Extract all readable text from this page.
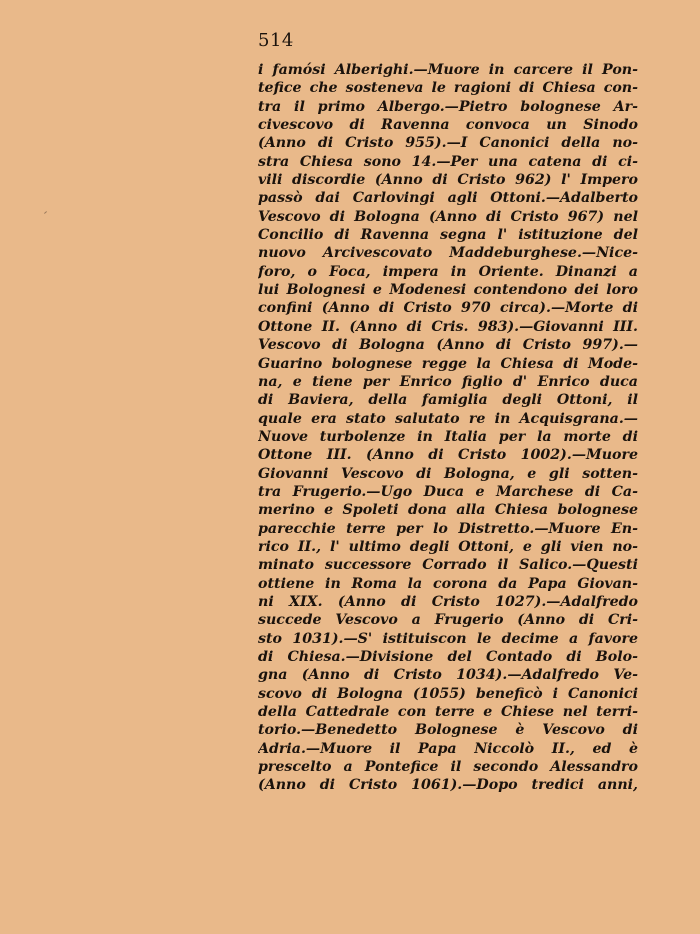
514
i famósi Alberighi.—Muore in carcere il Pon-
tefice che sosteneva le ragioni di Chiesa con-
tra il primo Albergo.—Pietro bolognese Ar-
civescovo di Ravenna convoca un Sinodo
(Anno di Cristo 955).—I Canonici della no-
stra Chiesa sono 14.—Per una catena di ci-
vili discordie (Anno di Cristo 962) l' Impero
passò dai Carlovingi agli Ottoni.—Adalberto
Vescovo di Bologna (Anno di Cristo 967) nel
Concilio di Ravenna segna l' istituzione del
nuovo Arcivescovato Maddeburghese.—Nice-
foro, o Foca, impera in Oriente. Dinanzi a
lui Bolognesi e Modenesi contendono dei loro
confini (Anno di Cristo 970 circa).—Morte di
Ottone II. (Anno di Cris. 983).—Giovanni III.
Vescovo di Bologna (Anno di Cristo 997).—
Guarino bolognese regge la Chiesa di Mode-
na, e tiene per Enrico figlio d' Enrico duca
di Baviera, della famiglia degli Ottoni, il
quale era stato salutato re in Acquisgrana.—
Nuove turbolenze in Italia per la morte di
Ottone III. (Anno di Cristo 1002).—Muore
Giovanni Vescovo di Bologna, e gli sotten-
tra Frugerio.—Ugo Duca e Marchese di Ca-
merino e Spoleti dona alla Chiesa bolognese
parecchie terre per lo Distretto.—Muore En-
rico II., l' ultimo degli Ottoni, e gli vien no-
minato successore Corrado il Salico.—Questi
ottiene in Roma la corona da Papa Giovan-
ni XIX. (Anno di Cristo 1027).—Adalfredo
succede Vescovo a Frugerio (Anno di Cri-
sto 1031).—S' istituiscon le decime a favore
di Chiesa.—Divisione del Contado di Bolo-
gna (Anno di Cristo 1034).—Adalfredo Ve-
scovo di Bologna (1055) beneficò i Canonici
della Cattedrale con terre e Chiese nel terri-
torio.—Benedetto Bolognese è Vescovo di
Adria.—Muore il Papa Niccolò II., ed è
prescelto a Pontefice il secondo Alessandro
(Anno di Cristo 1061).—Dopo tredici anni,
